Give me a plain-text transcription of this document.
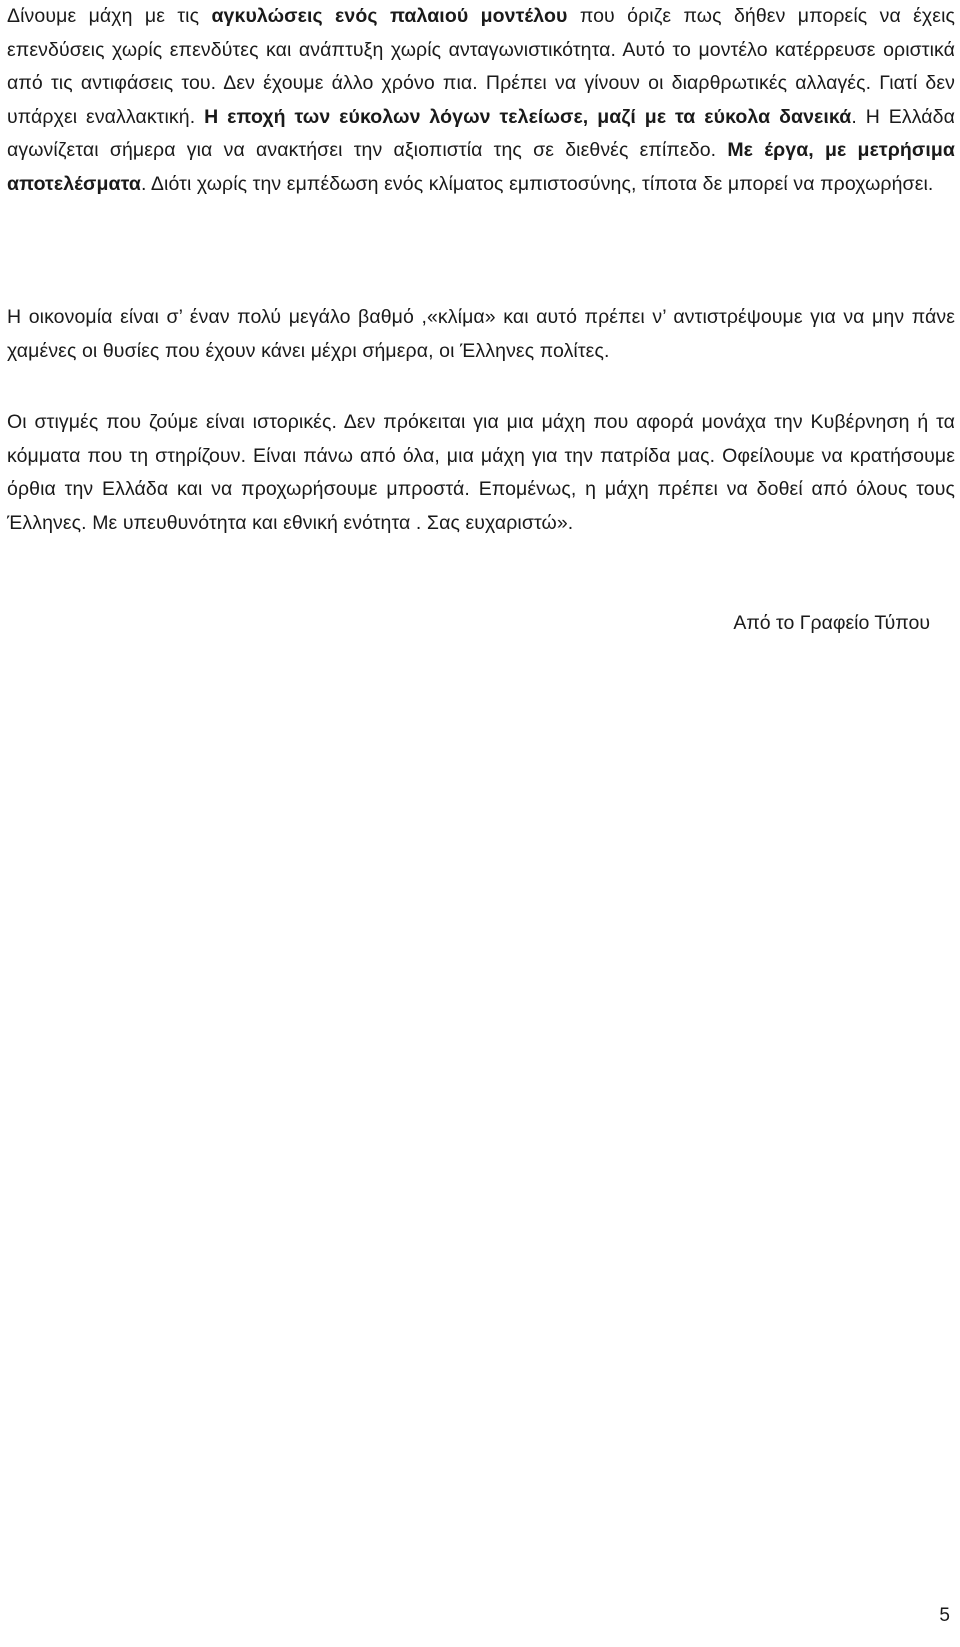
Δίνουμε μάχη με τις αγκυλώσεις ενός παλαιού μοντέλου που όριζε πως δήθεν μπορείς να έχεις επενδύσεις χωρίς επενδύτες και ανάπτυξη χωρίς ανταγωνιστικότητα. Αυτό το μοντέλο κατέρρευσε οριστικά από τις αντιφάσεις του. Δεν έχουμε άλλο χρόνο πια. Πρέπει να γίνουν οι διαρθρωτικές αλλαγές. Γιατί δεν υπάρχει εναλλακτική. Η εποχή των εύκολων λόγων τελείωσε, μαζί με τα εύκολα δανεικά. Η Ελλάδα αγωνίζεται σήμερα για να ανακτήσει την αξιοπιστία της σε διεθνές επίπεδο. Με έργα, με μετρήσιμα αποτελέσματα. Διότι χωρίς την εμπέδωση ενός κλίματος εμπιστοσύνης, τίποτα δε μπορεί να προχωρήσει.

Η οικονομία είναι σ’ έναν πολύ μεγάλο βαθμό ,«κλίμα» και αυτό πρέπει ν’ αντιστρέψουμε για να μην πάνε χαμένες οι θυσίες που έχουν κάνει μέχρι σήμερα, οι Έλληνες πολίτες.

Οι στιγμές που ζούμε είναι ιστορικές. Δεν πρόκειται για μια μάχη που αφορά μονάχα την Κυβέρνηση ή τα κόμματα που τη στηρίζουν. Είναι πάνω από όλα, μια μάχη για την πατρίδα μας. Οφείλουμε να κρατήσουμε όρθια την Ελλάδα και να προχωρήσουμε μπροστά. Επομένως, η μάχη πρέπει να δοθεί από όλους τους Έλληνες. Με υπευθυνότητα και εθνική ενότητα . Σας ευχαριστώ».

Από το Γραφείο Τύπου

5
